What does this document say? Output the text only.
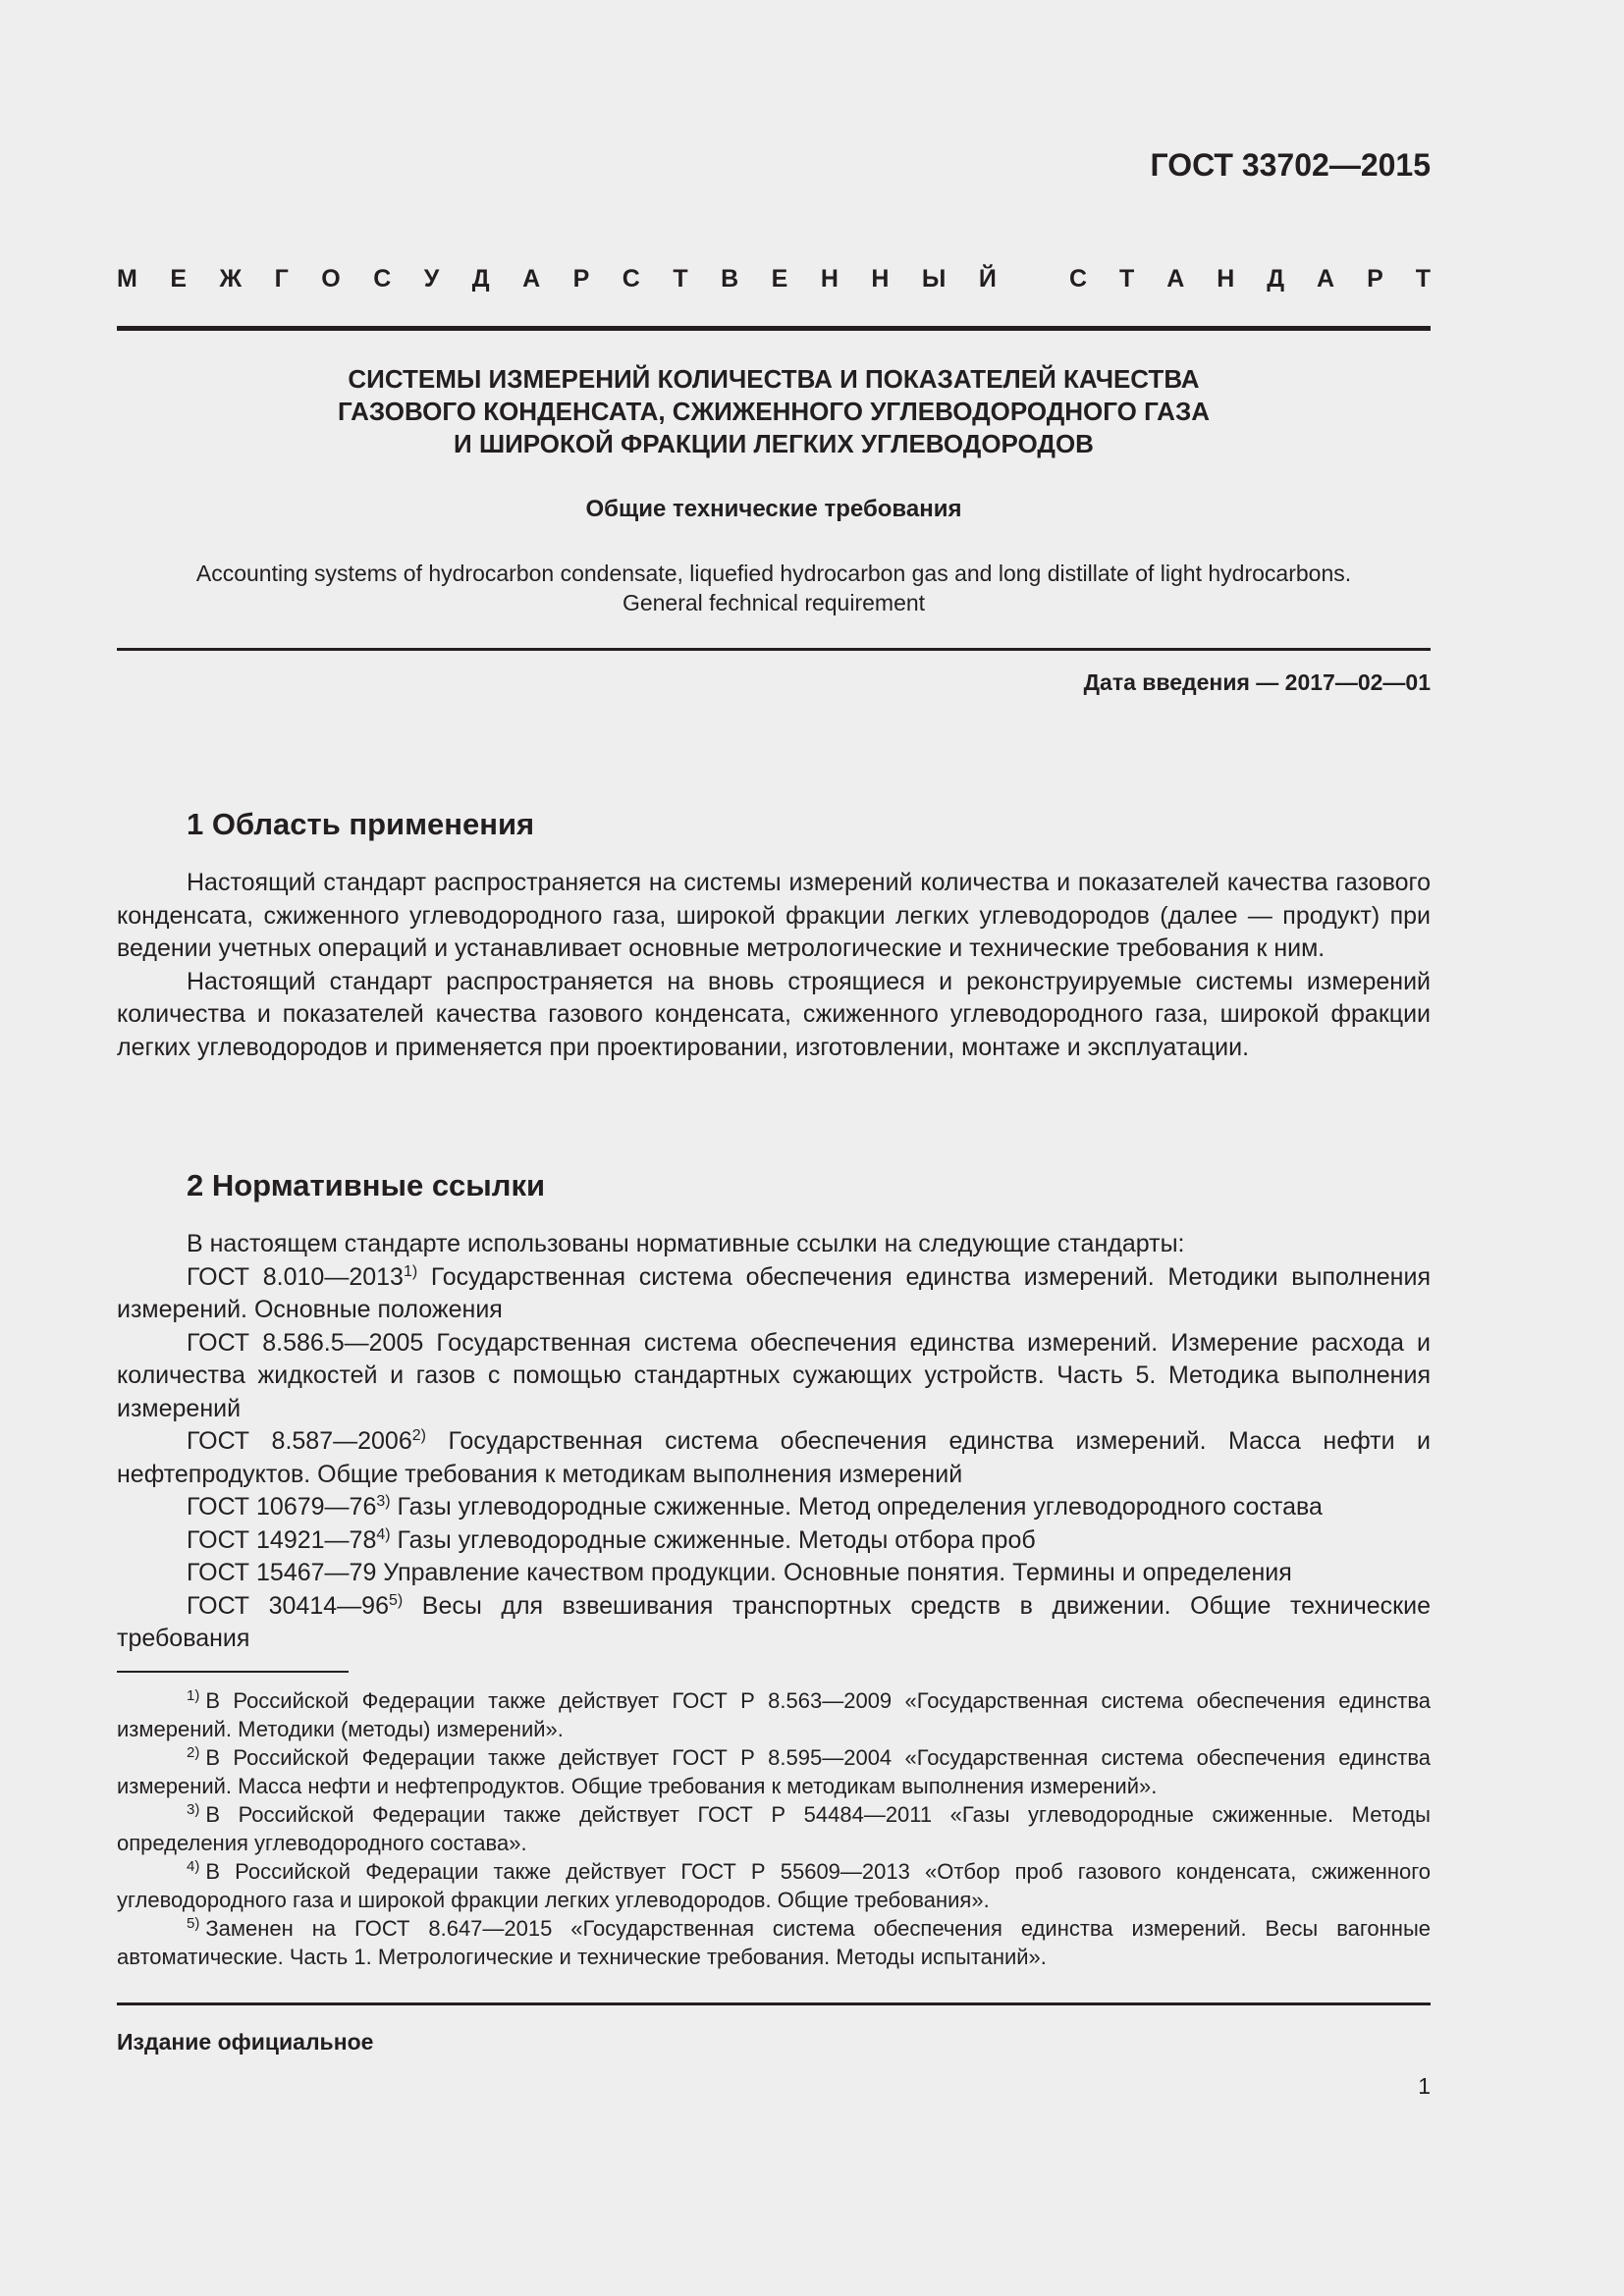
ГОСТ 33702—2015
М Е Ж Г О С У Д А Р С Т В Е Н Н Ы Й	С Т А Н Д А Р Т
СИСТЕМЫ ИЗМЕРЕНИЙ КОЛИЧЕСТВА И ПОКАЗАТЕЛЕЙ КАЧЕСТВА
ГАЗОВОГО КОНДЕНСАТА, СЖИЖЕННОГО УГЛЕВОДОРОДНОГО ГАЗА
И ШИРОКОЙ ФРАКЦИИ ЛЕГКИХ УГЛЕВОДОРОДОВ
Общие технические требования
Accounting systems of hydrocarbon condensate, liquefied hydrocarbon gas and long distillate of light hydrocarbons.
General fechnical requirement
Дата введения — 2017—02—01
1 Область применения

Настоящий стандарт распространяется на системы измерений количества и показателей качества газового конденсата, сжиженного углеводородного газа, широкой фракции легких углеводородов (далее — продукт) при ведении учетных операций и устанавливает основные метрологические и технические требования к ним.

Настоящий стандарт распространяется на вновь строящиеся и реконструируемые системы измерений количества и показателей качества газового конденсата, сжиженного углеводородного газа, широкой фракции легких углеводородов и применяется при проектировании, изготовлении, монтаже и эксплуатации.

2 Нормативные ссылки

В настоящем стандарте использованы нормативные ссылки на следующие стандарты:

ГОСТ 8.010—2013$^{1)}$ Государственная система обеспечения единства измерений. Методики выполнения измерений. Основные положения

ГОСТ 8.586.5—2005 Государственная система обеспечения единства измерений. Измерение расхода и количества жидкостей и газов с помощью стандартных сужающих устройств. Часть 5. Методика выполнения измерений

ГОСТ 8.587—2006$^{2)}$ Государственная система обеспечения единства измерений. Масса нефти и нефтепродуктов. Общие требования к методикам выполнения измерений

ГОСТ 10679—76$^{3)}$ Газы углеводородные сжиженные. Метод определения углеводородного состава

ГОСТ 14921—78$^{4)}$ Газы углеводородные сжиженные. Методы отбора проб

ГОСТ 15467—79 Управление качеством продукции. Основные понятия. Термины и определения

ГОСТ 30414—96$^{5)}$ Весы для взвешивания транспортных средств в движении. Общие технические требования

$^{1)}$ В Российской Федерации также действует ГОСТ Р 8.563—2009 «Государственная система обеспечения единства измерений. Методики (методы) измерений».

$^{2)}$ В Российской Федерации также действует ГОСТ Р 8.595—2004 «Государственная система обеспечения единства измерений. Масса нефти и нефтепродуктов. Общие требования к методикам выполнения измерений».

$^{3)}$ В Российской Федерации также действует ГОСТ Р 54484—2011 «Газы углеводородные сжиженные. Методы определения углеводородного состава».

$^{4)}$ В Российской Федерации также действует ГОСТ Р 55609—2013 «Отбор проб газового конденсата, сжиженного углеводородного газа и широкой фракции легких углеводородов. Общие требования».

$^{5)}$ Заменен на ГОСТ 8.647—2015 «Государственная система обеспечения единства измерений. Весы вагонные автоматические. Часть 1. Метрологические и технические требования. Методы испытаний».

Издание официальное
1
